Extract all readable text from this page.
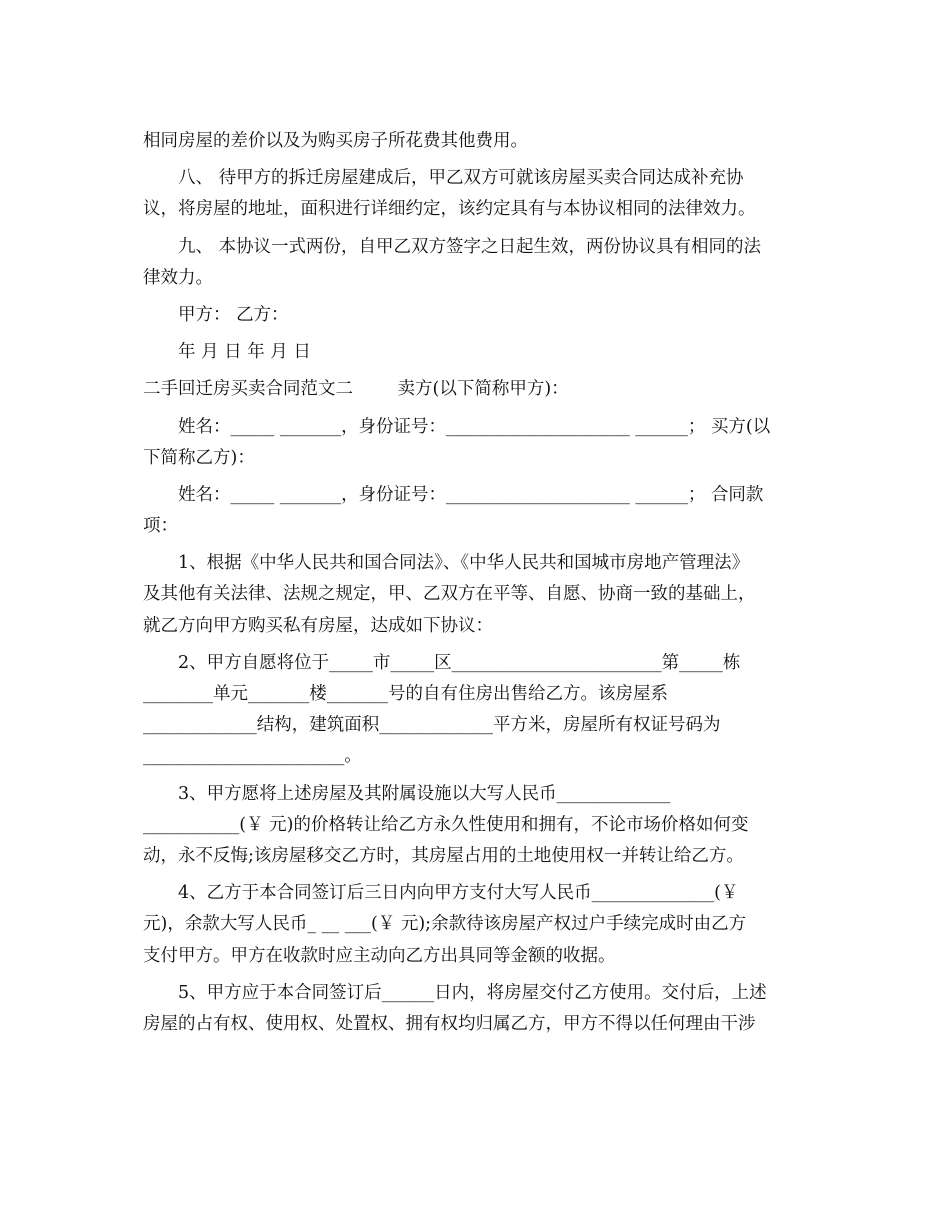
相同房屋的差价以及为购买房子所花费其他费用。
八、 待甲方的拆迁房屋建成后，甲乙双方可就该房屋买卖合同达成补充协
议，将房屋的地址，面积进行详细约定，该约定具有与本协议相同的法律效力。
九、 本协议一式两份，自甲乙双方签字之日起生效，两份协议具有相同的法
律效力。
甲方： 乙方：
年 月 日 年 月 日
二手回迁房买卖合同范文二        卖方(以下简称甲方)：
姓名：_____ _______，身份证号：_____________________ ______； 买方(以
下简称乙方)：
姓名：_____ _______，身份证号：_____________________ ______； 合同款
项：
1、根据《中华人民共和国合同法》、《中华人民共和国城市房地产管理法》
及其他有关法律、法规之规定，甲、乙双方在平等、自愿、协商一致的基础上，
就乙方向甲方购买私有房屋，达成如下协议：
2、甲方自愿将位于_____市_____区________________________第_____栋
________单元_______楼_______号的自有住房出售给乙方。该房屋系
_____________结构，建筑面积_____________平方米，房屋所有权证号码为
_______________________。
3、甲方愿将上述房屋及其附属设施以大写人民币_____________
___________(￥ 元)的价格转让给乙方永久性使用和拥有，不论市场价格如何变
动，永不反悔;该房屋移交乙方时，其房屋占用的土地使用权一并转让给乙方。
4、乙方于本合同签订后三日内向甲方支付大写人民币______________(￥
元)，余款大写人民币_ __ ___(￥ 元);余款待该房屋产权过户手续完成时由乙方
支付甲方。甲方在收款时应主动向乙方出具同等金额的收据。
5、甲方应于本合同签订后______日内，将房屋交付乙方使用。交付后，上述
房屋的占有权、使用权、处置权、拥有权均归属乙方，甲方不得以任何理由干涉
